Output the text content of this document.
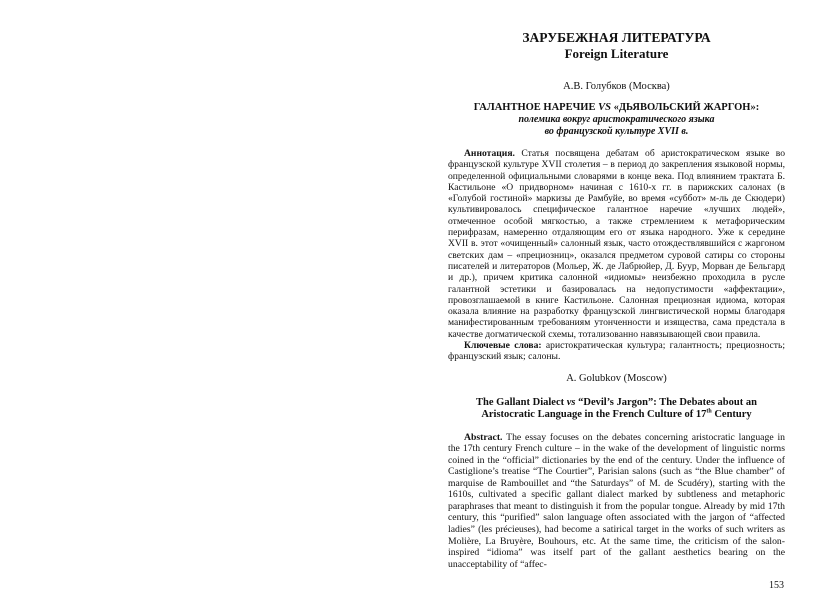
ЗАРУБЕЖНАЯ ЛИТЕРАТУРА

Foreign Literature

А.В. Голубков (Москва)

ГАЛАНТНОЕ НАРЕЧИЕ VS «ДЬЯВОЛЬСКИЙ ЖАРГОН»:

полемика вокруг аристократического языка

во французской культуре XVII в.

Аннотация. Статья посвящена дебатам об аристократическом языке во французской культуре XVII столетия – в период до закрепления языковой нормы, определенной официальными словарями в конце века. Под влиянием трактата Б. Кастильоне «О придворном» начиная с 1610-х гг. в парижских салонах (в «Голубой гостиной» маркизы де Рамбуйе, во время «суббот» м-ль де Скюдери) культивировалось специфическое галантное наречие «лучших людей», отмеченное особой мягкостью, а также стремлением к метафорическим перифразам, намеренно отдаляющим его от языка народного. Уже к середине XVII в. этот «очищенный» салонный язык, часто отождествлявшийся с жаргоном светских дам – «прециозниц», оказался предметом суровой сатиры со стороны писателей и литераторов (Мольер, Ж. де Лабрюйер, Д. Буур, Морван де Бельгард и др.), причем критика салонной «идиомы» неизбежно проходила в русле галантной эстетики и базировалась на недопустимости «аффектации», провозглашаемой в книге Кастильоне. Салонная прециозная идиома, которая оказала влияние на разработку французской лингвистической нормы благодаря манифестированным требованиям утонченности и изящества, сама предстала в качестве догматической схемы, тотализованно навязывающей свои правила.

Ключевые слова: аристократическая культура; галантность; прециозность; французский язык; салоны.

A. Golubkov (Moscow)

The Gallant Dialect vs “Devil’s Jargon”: The Debates about an

Aristocratic Language in the French Culture of 17th Century

Abstract. The essay focuses on the debates concerning aristocratic language in the 17th century French culture – in the wake of the development of linguistic norms coined in the “official” dictionaries by the end of the century. Under the influence of Castiglione’s treatise “The Courtier”, Parisian salons (such as “the Blue chamber” of marquise de Rambouillet and “the Saturdays” of M. de Scudéry), starting with the 1610s, cultivated a specific gallant dialect marked by subtleness and metaphoric paraphrases that meant to distinguish it from the popular tongue. Already by mid 17th century, this “purified” salon language often associated with the jargon of “affected ladies” (les précieuses), had become a satirical target in the works of such writers as Molière, La Bruyère, Bouhours, etc. At the same time, the criticism of the salon-inspired “idioma” was itself part of the gallant aesthetics bearing on the unacceptability of “affec-

153
